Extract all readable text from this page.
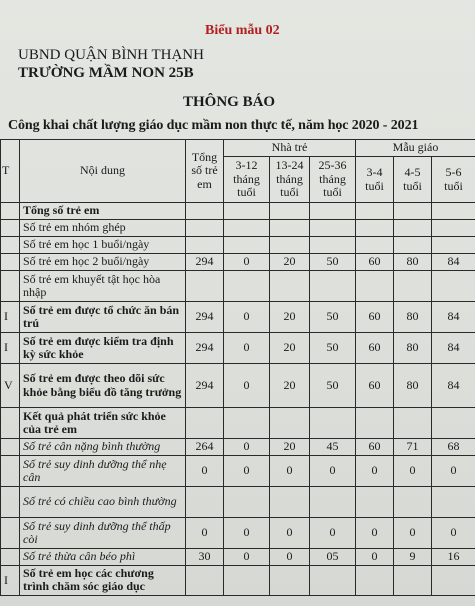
Biểu mẫu 02
UBND QUẬN BÌNH THẠNH
TRƯỜNG MẦM NON 25B
THÔNG BÁO
Công khai chất lượng giáo dục mầm non thực tế, năm học 2020 - 2021
T	Nội dung	Tổng số trẻ em	Nhà trẻ			Mẫu giáo		
			3-12 tháng tuổi	13-24 tháng tuổi	25-36 tháng tuổi	3-4 tuổi	4-5 tuổi	5-6 tuổi
	Tổng số trẻ em							
	Số trẻ em nhóm ghép							
	Số trẻ em học 1 buổi/ngày							
	Số trẻ em học 2 buổi/ngày	294	0	20	50	60	80	84
	Số trẻ em khuyết tật học hòa nhập							
I	Số trẻ em được tổ chức ăn bán trú	294	0	20	50	60	80	84
I	Số trẻ em được kiểm tra định kỳ sức khỏe	294	0	20	50	60	80	84
V	Số trẻ em được theo dõi sức khỏe bằng biểu đồ tăng trưởng	294	0	20	50	60	80	84
	Kết quả phát triển sức khỏe của trẻ em							
	Số trẻ cân nặng bình thường	264	0	20	45	60	71	68
	Số trẻ suy dinh dưỡng thể nhẹ cân	0	0	0	0	0	0	0
	Số trẻ có chiều cao bình thường							
	Số trẻ suy dinh dưỡng thể thấp còi	0	0	0	0	0	0	0
	Số trẻ thừa cân béo phì	30	0	0	05	0	9	16
I	Số trẻ em học các chương trình chăm sóc giáo dục							
